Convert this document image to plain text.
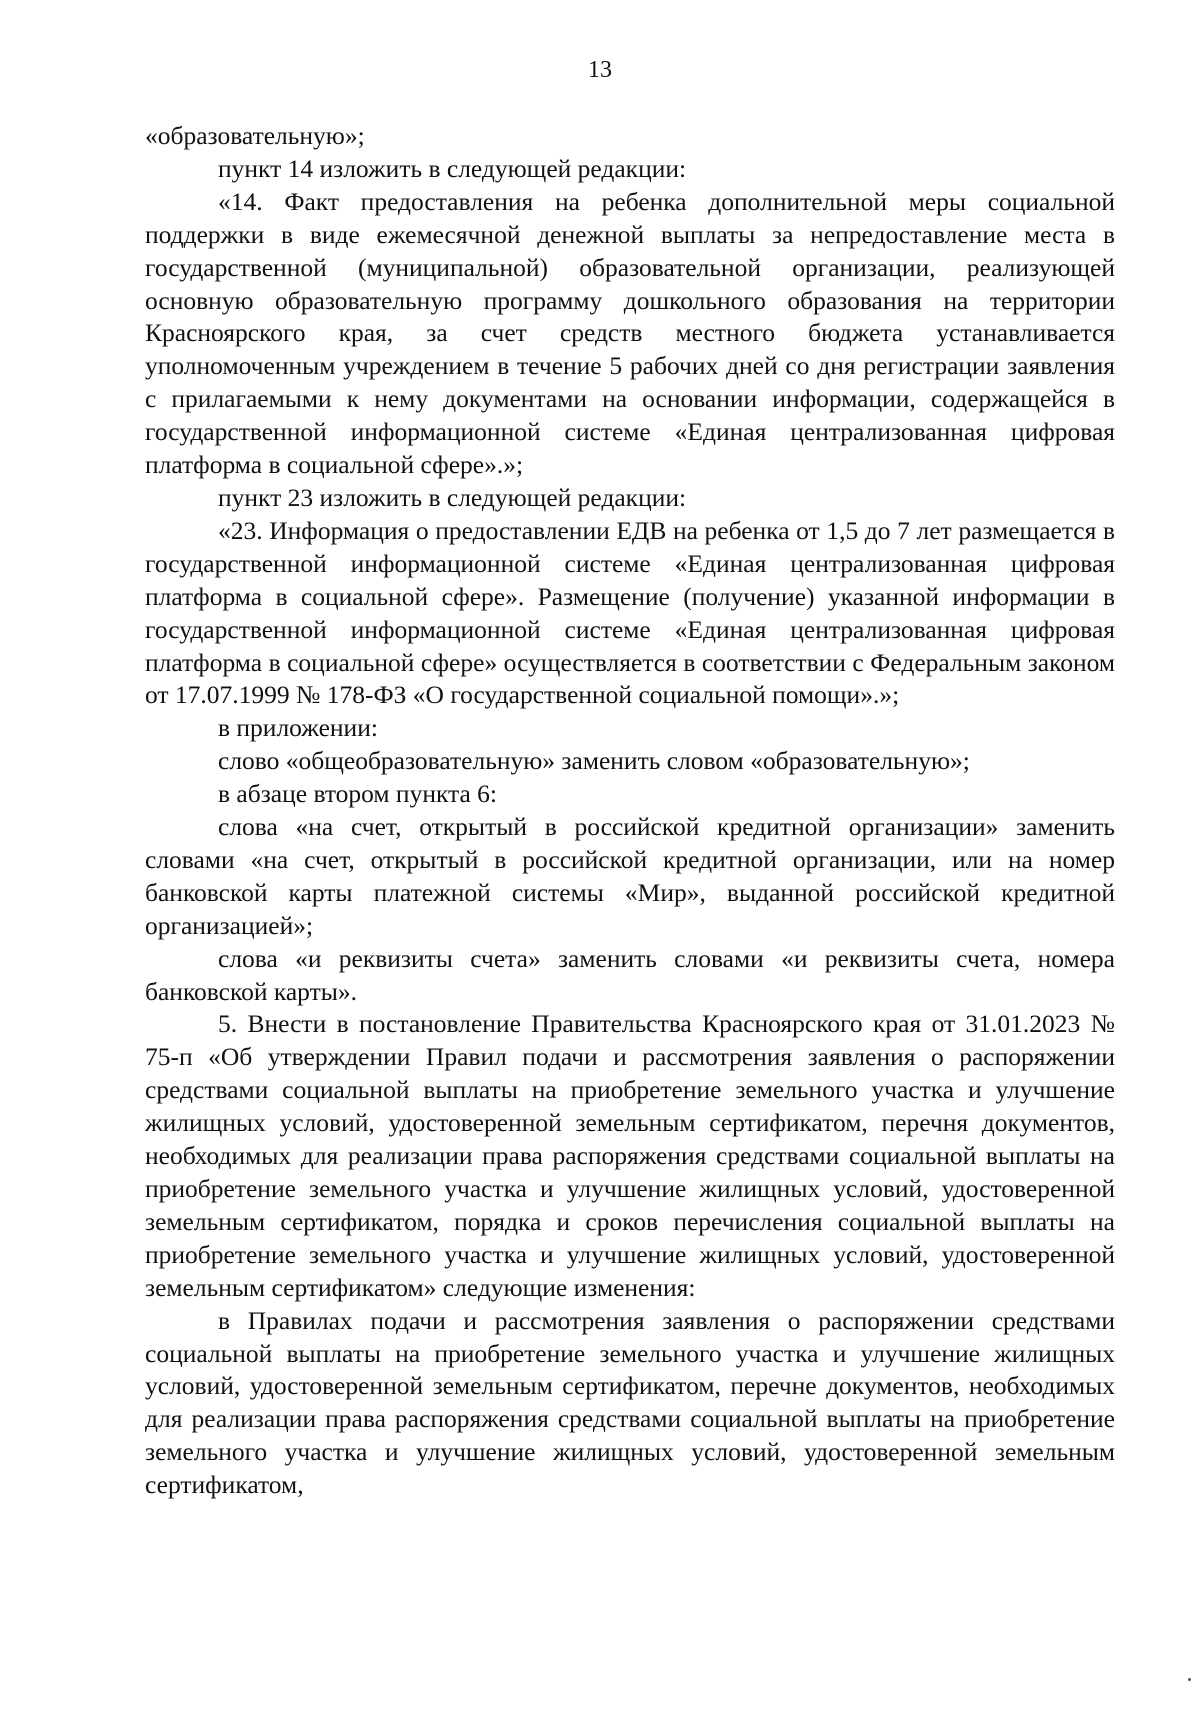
13

«образовательную»;

пункт 14 изложить в следующей редакции:

«14. Факт предоставления на ребенка дополнительной меры социальной поддержки в виде ежемесячной денежной выплаты за непредоставление места в государственной (муниципальной) образовательной организации, реализующей основную образовательную программу дошкольного образования на территории Красноярского края, за счет средств местного бюджета устанавливается уполномоченным учреждением в течение 5 рабочих дней со дня регистрации заявления с прилагаемыми к нему документами на основании информации, содержащейся в государственной информационной системе «Единая централизованная цифровая платформа в социальной сфере».»;

пункт 23 изложить в следующей редакции:

«23. Информация о предоставлении ЕДВ на ребенка от 1,5 до 7 лет размещается в государственной информационной системе «Единая централизованная цифровая платформа в социальной сфере». Размещение (получение) указанной информации в государственной информационной системе «Единая централизованная цифровая платформа в социальной сфере» осуществляется в соответствии с Федеральным законом от 17.07.1999 № 178-ФЗ «О государственной социальной помощи».»;

в приложении:

слово «общеобразовательную» заменить словом «образовательную»;

в абзаце втором пункта 6:

слова «на счет, открытый в российской кредитной организации» заменить словами «на счет, открытый в российской кредитной организации, или на номер банковской карты платежной системы «Мир», выданной российской кредитной организацией»;

слова «и реквизиты счета» заменить словами «и реквизиты счета, номера банковской карты».

5. Внести в постановление Правительства Красноярского края от 31.01.2023 № 75-п «Об утверждении Правил подачи и рассмотрения заявления о распоряжении средствами социальной выплаты на приобретение земельного участка и улучшение жилищных условий, удостоверенной земельным сертификатом, перечня документов, необходимых для реализации права распоряжения средствами социальной выплаты на приобретение земельного участка и улучшение жилищных условий, удостоверенной земельным сертификатом, порядка и сроков перечисления социальной выплаты на приобретение земельного участка и улучшение жилищных условий, удостоверенной земельным сертификатом» следующие изменения:

в Правилах подачи и рассмотрения заявления о распоряжении средствами социальной выплаты на приобретение земельного участка и улучшение жилищных условий, удостоверенной земельным сертификатом, перечне документов, необходимых для реализации права распоряжения средствами социальной выплаты на приобретение земельного участка и улучшение жилищных условий, удостоверенной земельным сертификатом,
